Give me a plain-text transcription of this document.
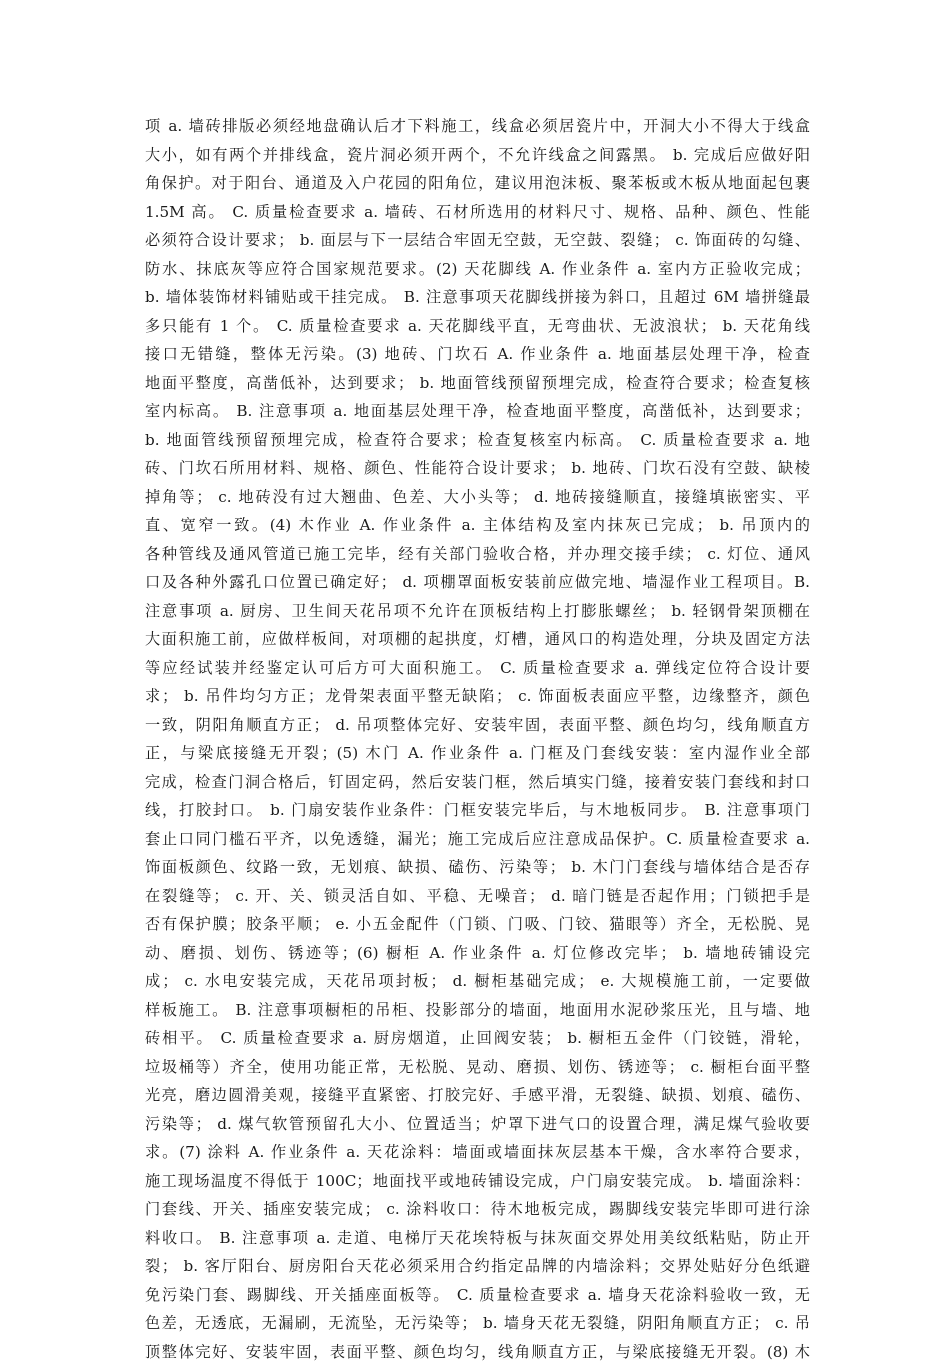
项 a. 墙砖排版必须经地盘确认后才下料施工，线盒必须居瓷片中，开洞大小不得大于线盒
大小，如有两个并排线盒，瓷片洞必须开两个，不允许线盒之间露黑。 b. 完成后应做好阳
角保护。对于阳台、通道及入户花园的阳角位，建议用泡沫板、聚苯板或木板从地面起包裹
1.5M 高。 C. 质量检查要求 a. 墙砖、石材所选用的材料尺寸、规格、品种、颜色、性能
必须符合设计要求； b. 面层与下一层结合牢固无空鼓，无空鼓、裂缝； c. 饰面砖的勾缝、
防水、抹底灰等应符合国家规范要求。(2) 天花脚线 A. 作业条件 a. 室内方正验收完成；
b. 墙体装饰材料铺贴或干挂完成。 B. 注意事项天花脚线拼接为斜口，且超过 6M 墙拼缝最
多只能有 1 个。 C. 质量检查要求 a. 天花脚线平直，无弯曲状、无波浪状； b. 天花角线
接口无错缝，整体无污染。(3) 地砖、门坎石 A. 作业条件 a. 地面基层处理干净，检查
地面平整度，高凿低补，达到要求； b. 地面管线预留预埋完成，检查符合要求；检查复核
室内标高。 B. 注意事项 a. 地面基层处理干净，检查地面平整度，高凿低补，达到要求；
b. 地面管线预留预埋完成，检查符合要求；检查复核室内标高。 C. 质量检查要求 a. 地
砖、门坎石所用材料、规格、颜色、性能符合设计要求； b. 地砖、门坎石没有空鼓、缺棱
掉角等； c. 地砖没有过大翘曲、色差、大小头等； d. 地砖接缝顺直，接缝填嵌密实、平
直、宽窄一致。(4) 木作业 A. 作业条件 a. 主体结构及室内抹灰已完成； b. 吊顶内的
各种管线及通风管道已施工完毕，经有关部门验收合格，并办理交接手续； c. 灯位、通风
口及各种外露孔口位置已确定好； d. 项棚罩面板安装前应做完地、墙湿作业工程项目。B.
注意事项 a. 厨房、卫生间天花吊项不允许在顶板结构上打膨胀螺丝； b. 轻钢骨架顶棚在
大面积施工前，应做样板间，对项棚的起拱度，灯槽，通风口的构造处理，分块及固定方法
等应经试装并经鉴定认可后方可大面积施工。 C. 质量检查要求 a. 弹线定位符合设计要
求； b. 吊件均匀方正；龙骨架表面平整无缺陷； c. 饰面板表面应平整，边缘整齐，颜色
一致，阴阳角顺直方正； d. 吊项整体完好、安装牢固，表面平整、颜色均匀，线角顺直方
正，与梁底接缝无开裂；(5) 木门 A. 作业条件 a. 门框及门套线安装：室内湿作业全部
完成，检查门洞合格后，钉固定码，然后安装门框，然后填实门缝，接着安装门套线和封口
线，打胶封口。 b. 门扇安装作业条件：门框安装完毕后，与木地板同步。 B. 注意事项门
套止口同门槛石平齐，以免透缝，漏光；施工完成后应注意成品保护。C. 质量检查要求 a.
饰面板颜色、纹路一致，无划痕、缺损、磕伤、污染等； b. 木门门套线与墙体结合是否存
在裂缝等； c. 开、关、锁灵活自如、平稳、无噪音； d. 暗门链是否起作用；门锁把手是
否有保护膜；胶条平顺； e. 小五金配件（门锁、门吸、门铰、猫眼等）齐全，无松脱、晃
动、磨损、划伤、锈迹等；(6) 橱柜 A. 作业条件 a. 灯位修改完毕； b. 墙地砖铺设完
成； c. 水电安装完成，天花吊项封板； d. 橱柜基础完成； e. 大规模施工前，一定要做
样板施工。 B. 注意事项橱柜的吊柜、投影部分的墙面，地面用水泥砂浆压光，且与墙、地
砖相平。 C. 质量检查要求 a. 厨房烟道，止回阀安装； b. 橱柜五金件（门铰链，滑轮，
垃圾桶等）齐全，使用功能正常，无松脱、晃动、磨损、划伤、锈迹等； c. 橱柜台面平整
光亮，磨边圆滑美观，接缝平直紧密、打胶完好、手感平滑，无裂缝、缺损、划痕、磕伤、
污染等； d. 煤气软管预留孔大小、位置适当；炉罩下进气口的设置合理，满足煤气验收要
求。(7) 涂料 A. 作业条件 a. 天花涂料：墙面或墙面抹灰层基本干燥，含水率符合要求，
施工现场温度不得低于 100C；地面找平或地砖铺设完成，户门扇安装完成。 b. 墙面涂料：
门套线、开关、插座安装完成； c. 涂料收口：待木地板完成，踢脚线安装完毕即可进行涂
料收口。 B. 注意事项 a. 走道、电梯厅天花埃特板与抹灰面交界处用美纹纸粘贴，防止开
裂； b. 客厅阳台、厨房阳台天花必须采用合约指定品牌的内墙涂料；交界处贴好分色纸避
免污染门套、踢脚线、开关插座面板等。 C. 质量检查要求 a. 墙身天花涂料验收一致，无
色差，无透底，无漏刷，无流坠，无污染等； b. 墙身天花无裂缝，阴阳角顺直方正； c. 吊
顶整体完好、安装牢固，表面平整、颜色均匀，线角顺直方正，与梁底接缝无开裂。(8) 木
